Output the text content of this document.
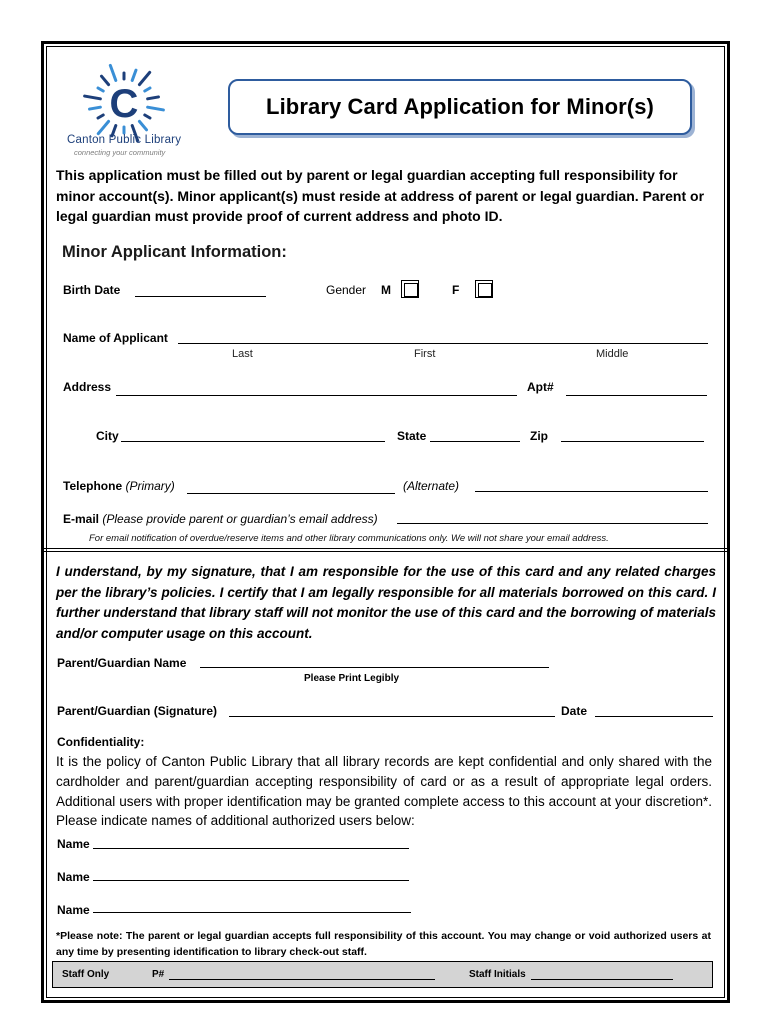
C
Canton Public Library
connecting your community
Library Card Application for Minor(s)
This application must be filled out by parent or legal guardian accepting full responsibility for minor account(s). Minor applicant(s) must reside at address of parent or legal guardian. Parent or legal guardian must provide proof of current address and photo ID.
Minor Applicant Information:
Birth Date	Gender M	F
Name of Applicant
Last	First	Middle
Address	Apt#
City	State	Zip
Telephone (Primary)	(Alternate)
E-mail (Please provide parent or guardian’s email address)
For email notification of overdue/reserve items and other library communications only. We will not share your email address.
I understand, by my signature, that I am responsible for the use of this card and any related charges per the library’s policies. I certify that I am legally responsible for all materials borrowed on this card. I further understand that library staff will not monitor the use of this card and the borrowing of materials and/or computer usage on this account.
Parent/Guardian Name
Please Print Legibly
Parent/Guardian (Signature)	Date
Confidentiality:
It is the policy of Canton Public Library that all library records are kept confidential and only shared with the cardholder and parent/guardian accepting responsibility of card or as a result of appropriate legal orders. Additional users with proper identification may be granted complete access to this account at your discretion*. Please indicate names of additional authorized users below:
Name
Name
Name
*Please note: The parent or legal guardian accepts full responsibility of this account. You may change or void authorized users at any time by presenting identification to library check-out staff.
Staff Only	P#	Staff Initials
